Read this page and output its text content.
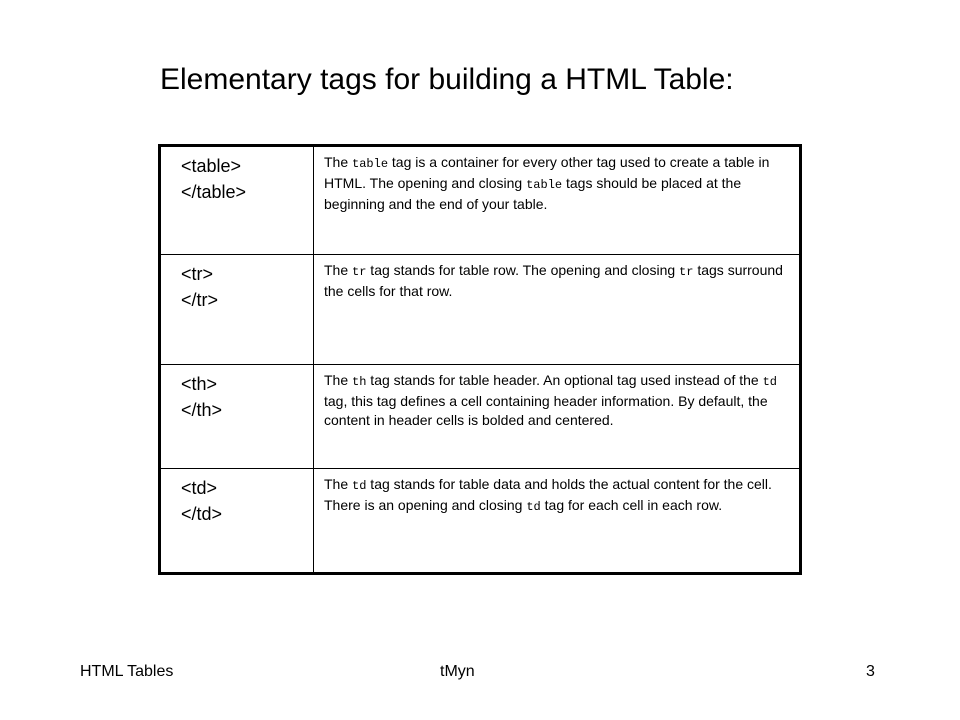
Elementary tags for building a HTML Table:
<table>
</table>	The table tag is a container for every other tag used to create a table in HTML. The opening and closing table tags should be placed at the beginning and the end of your table.

<tr>
</tr>	The tr tag stands for table row. The opening and closing tr tags surround the cells for that row.

<th>
</th>	The th tag stands for table header. An optional tag used instead of the td tag, this tag defines a cell containing header information. By default, the content in header cells is bolded and centered.

<td>
</td>	The td tag stands for table data and holds the actual content for the cell. There is an opening and closing td tag for each cell in each row.
HTML Tables	tMyn	3
